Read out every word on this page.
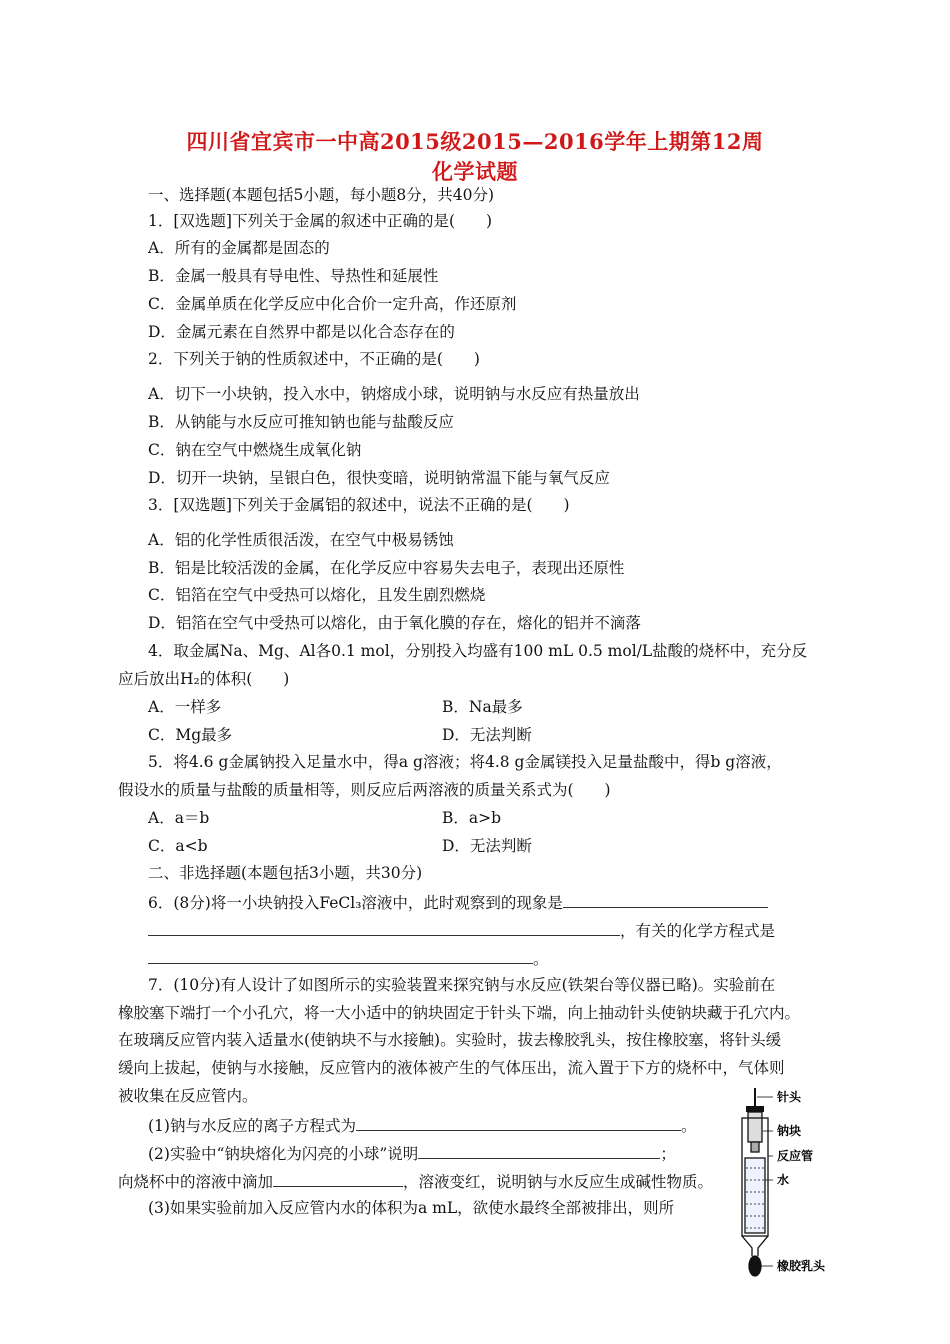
四川省宜宾市一中高2015级2015—2016学年上期第12周
化学试题
一、选择题(本题包括5小题，每小题8分，共40分)
1．[双选题]下列关于金属的叙述中正确的是(　　)
A．所有的金属都是固态的
B．金属一般具有导电性、导热性和延展性
C．金属单质在化学反应中化合价一定升高，作还原剂
D．金属元素在自然界中都是以化合态存在的
2．下列关于钠的性质叙述中，不正确的是(　　)
A．切下一小块钠，投入水中，钠熔成小球，说明钠与水反应有热量放出
B．从钠能与水反应可推知钠也能与盐酸反应
C．钠在空气中燃烧生成氧化钠
D．切开一块钠，呈银白色，很快变暗，说明钠常温下能与氧气反应
3．[双选题]下列关于金属铝的叙述中，说法不正确的是(　　)
A．铝的化学性质很活泼，在空气中极易锈蚀
B．铝是比较活泼的金属，在化学反应中容易失去电子，表现出还原性
C．铝箔在空气中受热可以熔化，且发生剧烈燃烧
D．铝箔在空气中受热可以熔化，由于氧化膜的存在，熔化的铝并不滴落
4．取金属Na、Mg、Al各0.1 mol，分别投入均盛有100 mL 0.5 mol/L盐酸的烧杯中，充分反
应后放出H₂的体积(　　)
A．一样多	B．Na最多
C．Mg最多	D．无法判断
5．将4.6 g金属钠投入足量水中，得a g溶液；将4.8 g金属镁投入足量盐酸中，得b g溶液，
假设水的质量与盐酸的质量相等，则反应后两溶液的质量关系式为(　　)
A．a＝b	B．a>b
C．a<b	D．无法判断
二、非选择题(本题包括3小题，共30分)
6．(8分)将一小块钠投入FeCl₃溶液中，此时观察到的现象是
，有关的化学方程式是
。
7．(10分)有人设计了如图所示的实验装置来探究钠与水反应(铁架台等仪器已略)。实验前在
橡胶塞下端打一个小孔穴，将一大小适中的钠块固定于针头下端，向上抽动针头使钠块藏于孔穴内。
在玻璃反应管内装入适量水(使钠块不与水接触)。实验时，拔去橡胶乳头，按住橡胶塞，将针头缓
缓向上拔起，使钠与水接触，反应管内的液体被产生的气体压出，流入置于下方的烧杯中，气体则
被收集在反应管内。
(1)钠与水反应的离子方程式为	。
(2)实验中“钠块熔化为闪亮的小球”说明	；
向烧杯中的溶液中滴加	，溶液变红，说明钠与水反应生成碱性物质。
(3)如果实验前加入反应管内水的体积为a mL，欲使水最终全部被排出，则所
针头
钠块
反应管
水
橡胶乳头
